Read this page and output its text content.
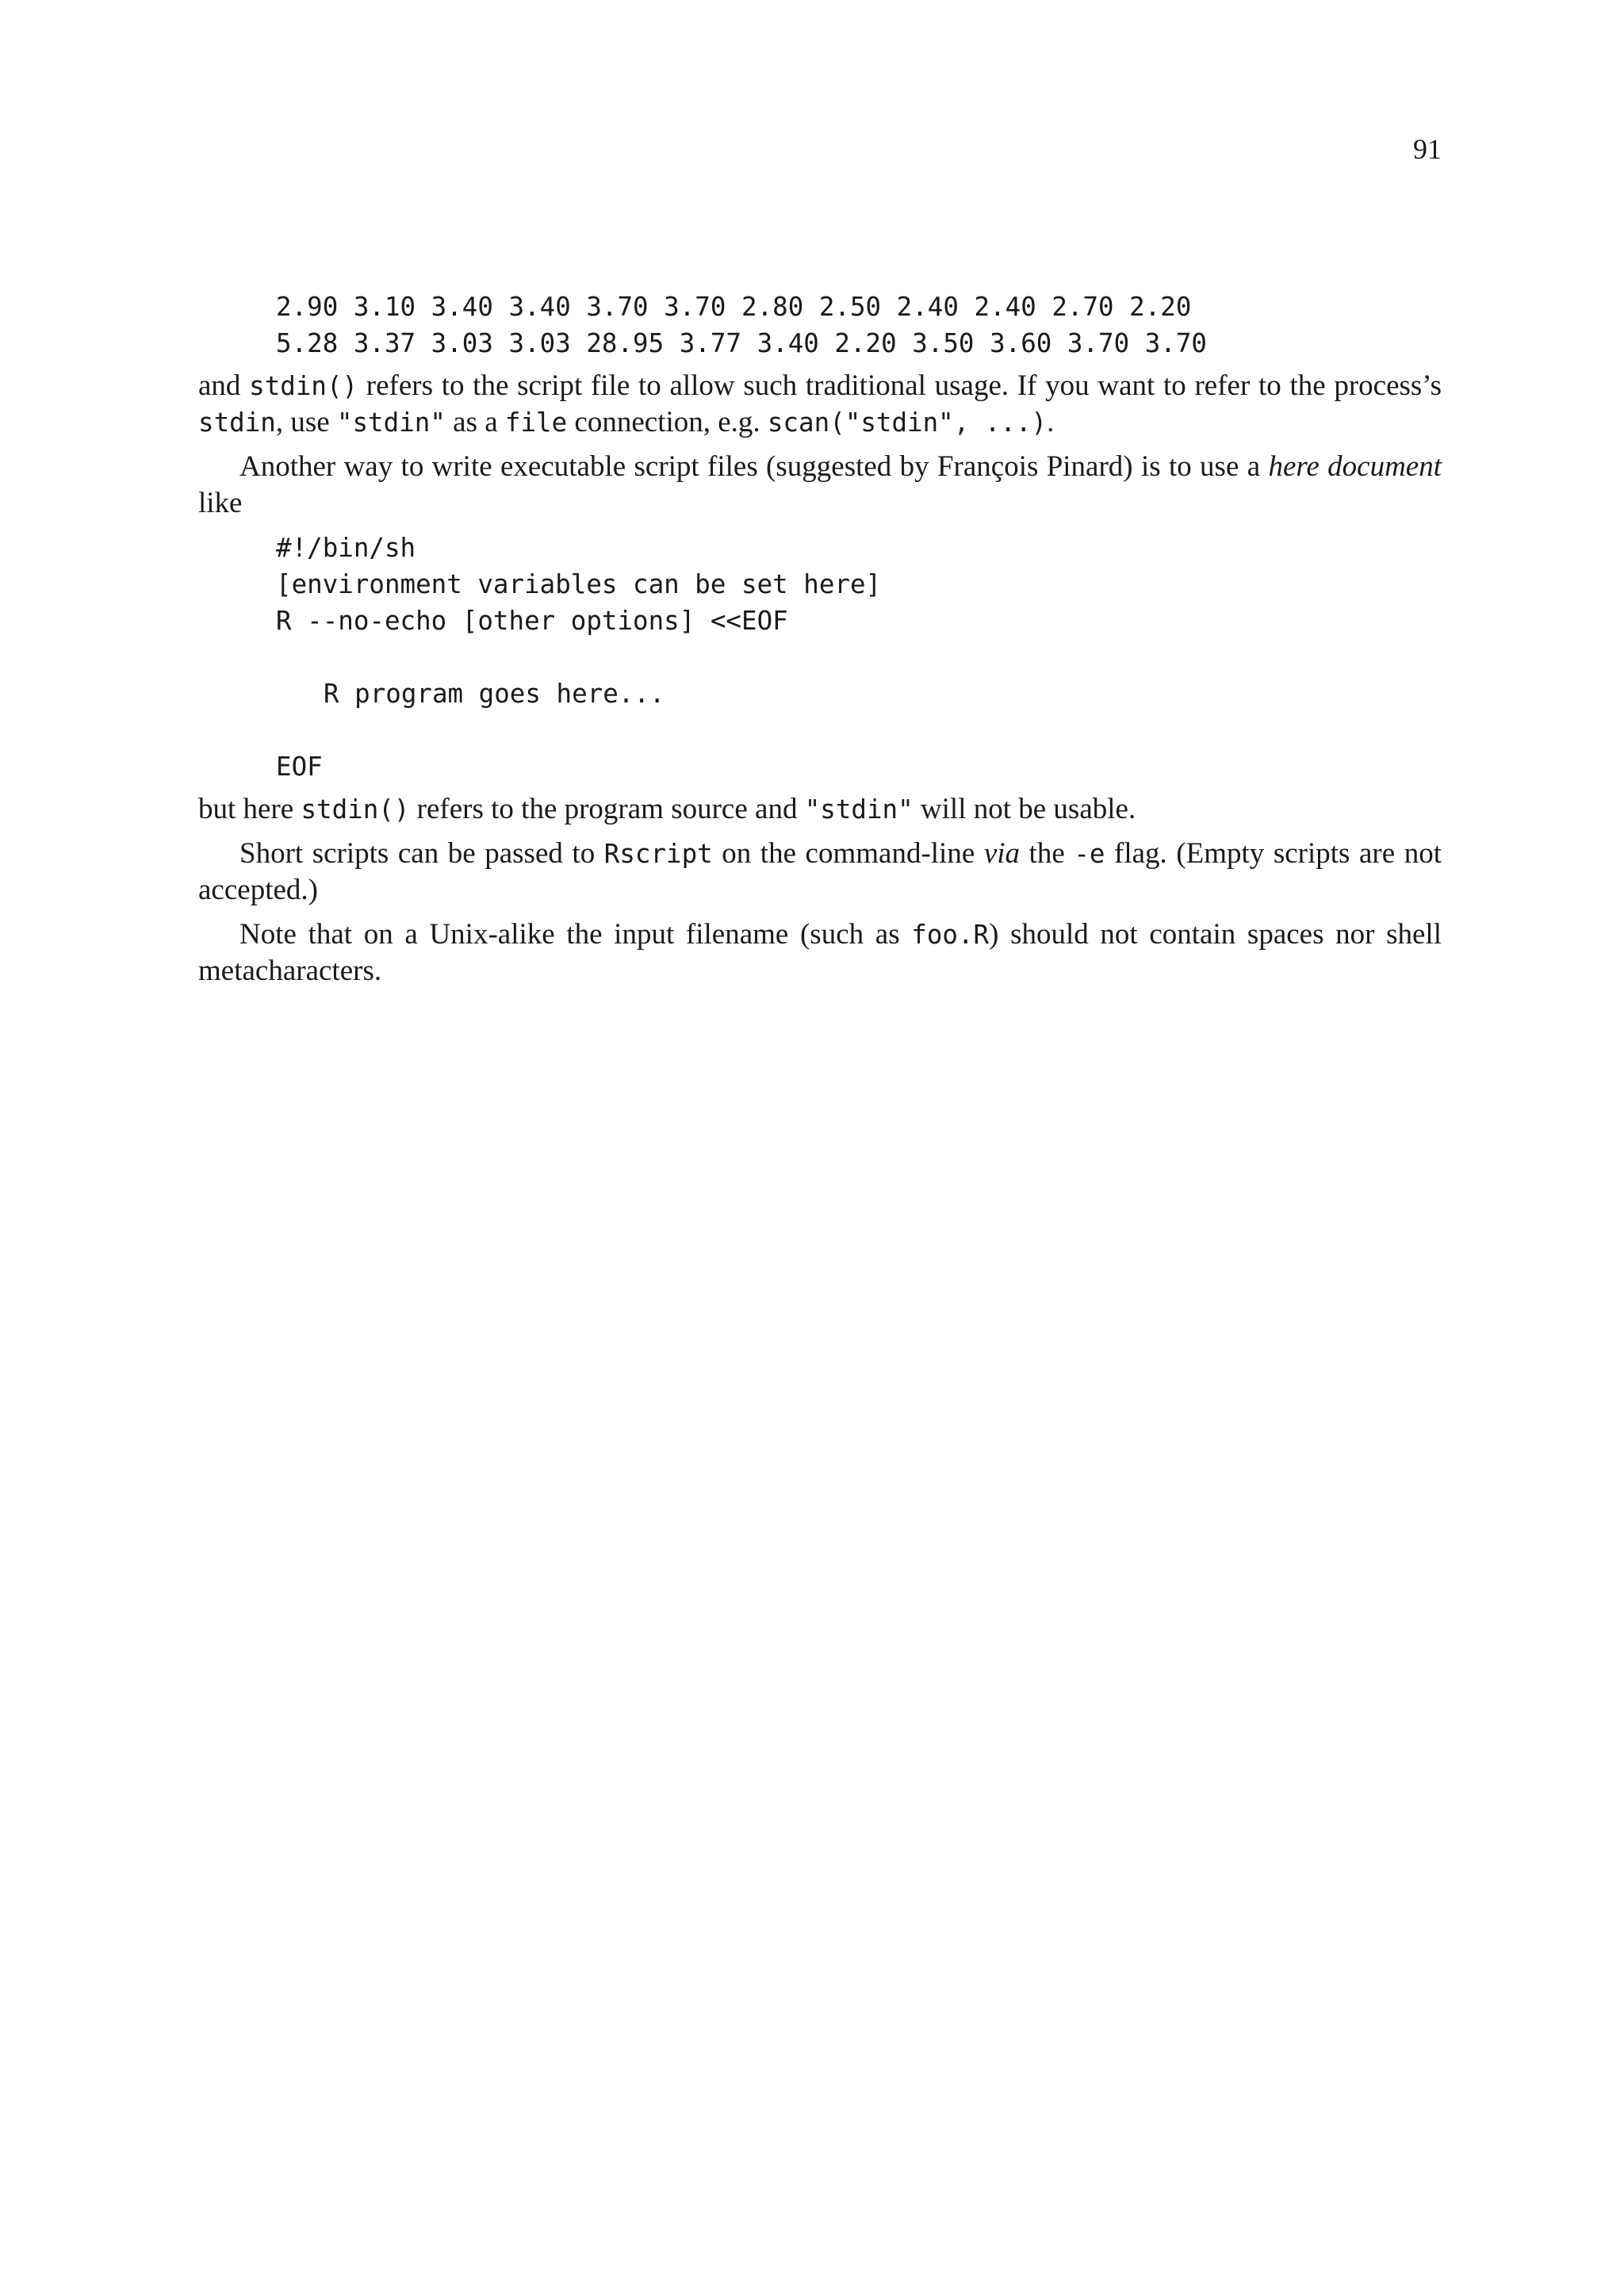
91
2.90 3.10 3.40 3.40 3.70 3.70 2.80 2.50 2.40 2.40 2.70 2.20
5.28 3.37 3.03 3.03 28.95 3.77 3.40 2.20 3.50 3.60 3.70 3.70

and stdin() refers to the script file to allow such traditional usage. If you want to refer to the process’s stdin, use "stdin" as a file connection, e.g. scan("stdin", ...).

Another way to write executable script files (suggested by François Pinard) is to use a here document like

#!/bin/sh
[environment variables can be set here]
R --no-echo [other options] <<EOF
R program goes here...
EOF

but here stdin() refers to the program source and "stdin" will not be usable.

Short scripts can be passed to Rscript on the command-line via the -e flag. (Empty scripts are not accepted.)

Note that on a Unix-alike the input filename (such as foo.R) should not contain spaces nor shell metacharacters.
